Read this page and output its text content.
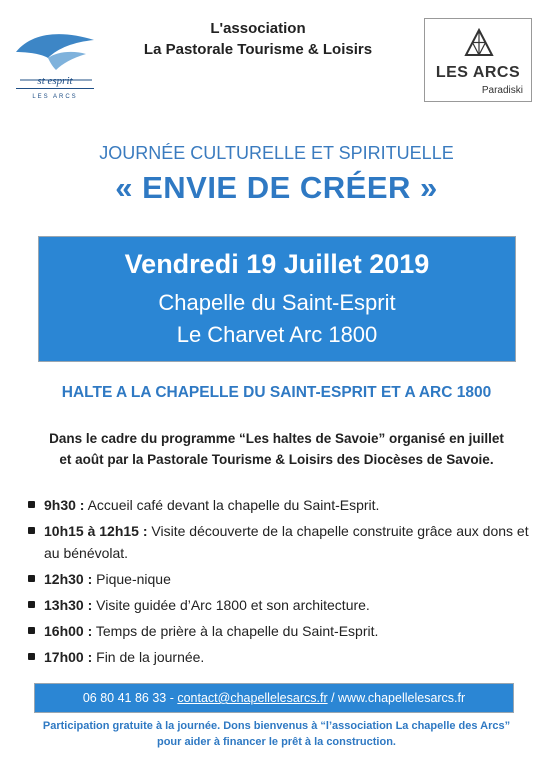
st esprit
LES ARCS
L'association
La Pastorale Tourisme & Loisirs
LES ARCS
Paradiski
JOURNÉE CULTURELLE ET SPIRITUELLE
« ENVIE DE CRÉER »
Vendredi 19 Juillet 2019
Chapelle du Saint-Esprit
Le Charvet Arc 1800
HALTE A LA CHAPELLE DU SAINT-ESPRIT ET A ARC 1800
Dans le cadre du programme “Les haltes de Savoie” organisé en juillet
et août par la Pastorale Tourisme & Loisirs des Diocèses de Savoie.
9h30 : Accueil café devant la chapelle du Saint-Esprit.
10h15 à 12h15 : Visite découverte de la chapelle construite grâce aux dons et au bénévolat.
12h30 : Pique-nique
13h30 : Visite guidée d’Arc 1800 et son architecture.
16h00 : Temps de prière à la chapelle du Saint-Esprit.
17h00 : Fin de la journée.
06 80 41 86 33 - contact@chapellelesarcs.fr / www.chapellelesarcs.fr
Participation gratuite à la journée. Dons bienvenus à “l’association La chapelle des Arcs”
pour aider à financer le prêt à la construction.
